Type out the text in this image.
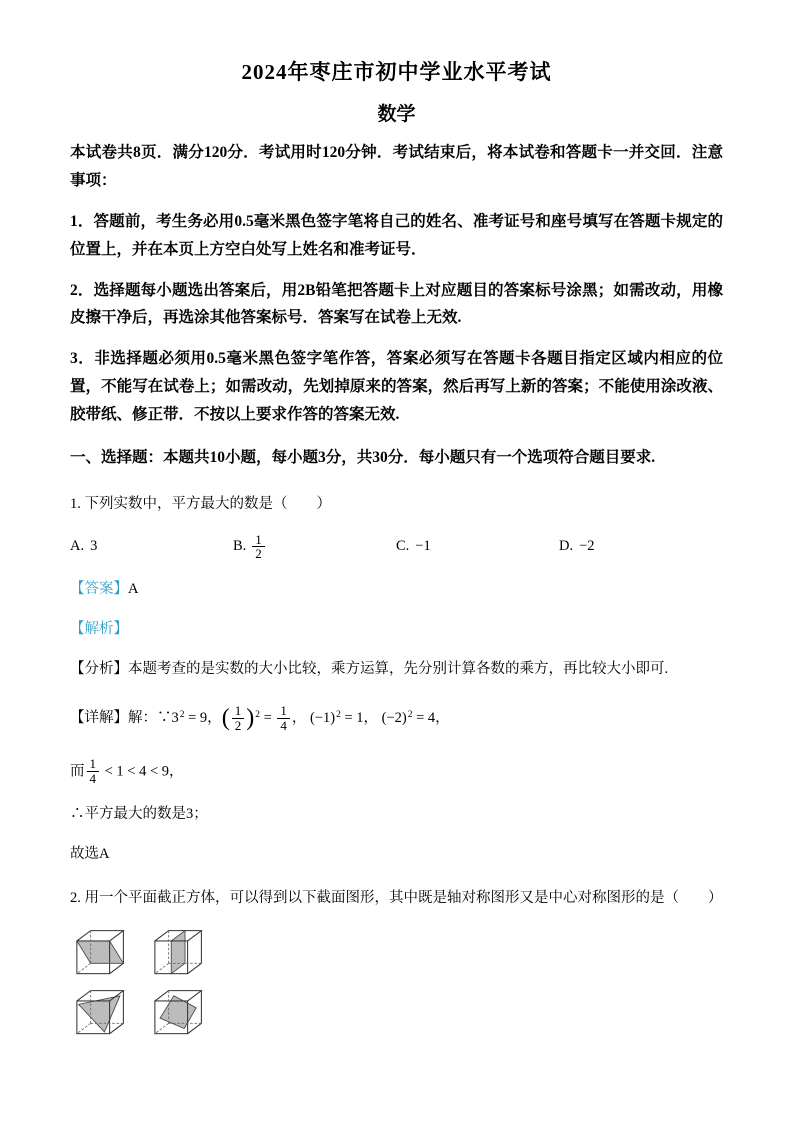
2024年枣庄市初中学业水平考试
数学

本试卷共8页．满分120分．考试用时120分钟．考试结束后，将本试卷和答题卡一并交回．注意事项：

1．答题前，考生务必用0.5毫米黑色签字笔将自己的姓名、准考证号和座号填写在答题卡规定的位置上，并在本页上方空白处写上姓名和准考证号．

2．选择题每小题选出答案后，用2B铅笔把答题卡上对应题目的答案标号涂黑；如需改动，用橡皮擦干净后，再选涂其他答案标号．答案写在试卷上无效.

3．非选择题必须用0.5毫米黑色签字笔作答，答案必须写在答题卡各题目指定区域内相应的位置，不能写在试卷上；如需改动，先划掉原来的答案，然后再写上新的答案；不能使用涂改液、胶带纸、修正带．不按以上要求作答的答案无效.

一、选择题：本题共10小题，每小题3分，共30分．每小题只有一个选项符合题目要求.

1. 下列实数中，平方最大的数是（　　）

A. 3	B. $\frac{1}{2}$	C. −1	D. −2

【答案】A

【解析】

【分析】本题考查的是实数的大小比较，乘方运算，先分别计算各数的乘方，再比较大小即可.

【详解】解：$\because 3^2 = 9$，( $\frac{1}{2} )^2 = \frac{1}{4}$ ， $(-1)^2 = 1$， $(-2)^2 = 4$，

而 $\frac{1}{4} < 1 < 4 < 9$，

∴平方最大的数是3；

故选A

2. 用一个平面截正方体，可以得到以下截面图形，其中既是轴对称图形又是中心对称图形的是（　　）
